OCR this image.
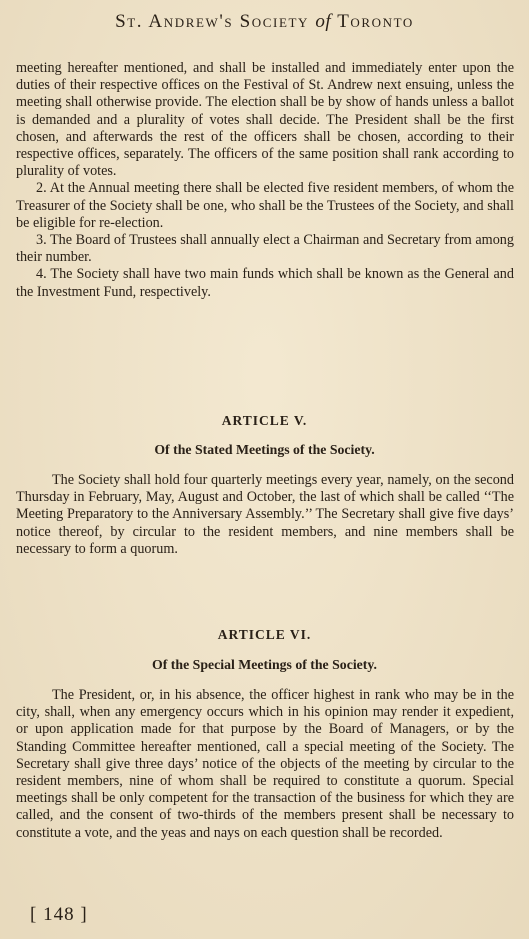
St. Andrew's Society of Toronto

meeting hereafter mentioned, and shall be installed and immediately enter upon the duties of their respective offices on the Festival of St. Andrew next ensuing, unless the meeting shall otherwise provide. The election shall be by show of hands unless a ballot is demanded and a plurality of votes shall decide. The President shall be the first chosen, and afterwards the rest of the officers shall be chosen, according to their respective offices, separately. The officers of the same position shall rank according to plurality of votes.

2. At the Annual meeting there shall be elected five resident members, of whom the Treasurer of the Society shall be one, who shall be the Trustees of the Society, and shall be eligible for re-election.

3. The Board of Trustees shall annually elect a Chairman and Secretary from among their number.

4. The Society shall have two main funds which shall be known as the General and the Investment Fund, respectively.

ARTICLE V.
Of the Stated Meetings of the Society.

The Society shall hold four quarterly meetings every year, namely, on the second Thursday in February, May, August and October, the last of which shall be called ‘‘The Meeting Preparatory to the Anniversary Assembly.’’ The Secretary shall give five days’ notice thereof, by circular to the resident members, and nine members shall be necessary to form a quorum.

ARTICLE VI.
Of the Special Meetings of the Society.

The President, or, in his absence, the officer highest in rank who may be in the city, shall, when any emergency occurs which in his opinion may render it expedient, or upon application made for that purpose by the Board of Managers, or by the Standing Committee hereafter mentioned, call a special meeting of the Society. The Secretary shall give three days’ notice of the objects of the meeting by circular to the resident members, nine of whom shall be required to constitute a quorum. Special meetings shall be only competent for the transaction of the business for which they are called, and the consent of two-thirds of the members present shall be necessary to constitute a vote, and the yeas and nays on each question shall be recorded.

[ 148 ]
